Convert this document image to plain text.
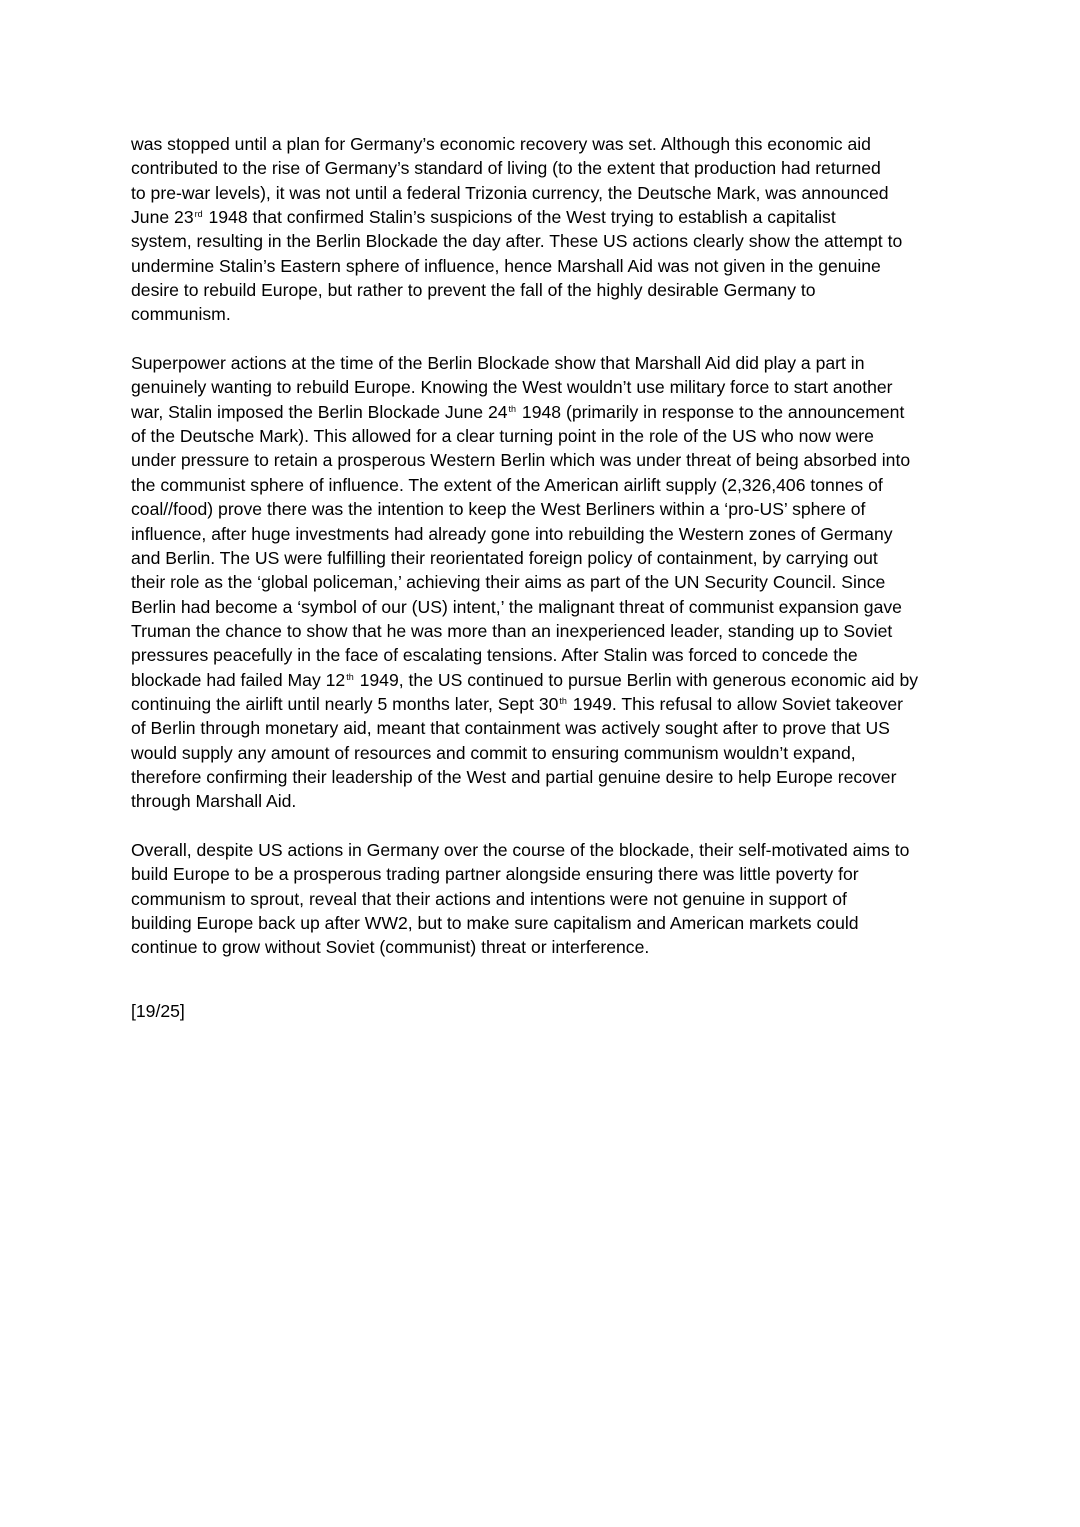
was stopped until a plan for Germany’s economic recovery was set. Although this economic aid
contributed to the rise of Germany’s standard of living (to the extent that production had returned
to pre-war levels), it was not until a federal Trizonia currency, the Deutsche Mark, was announced
June 23rd 1948 that confirmed Stalin’s suspicions of the West trying to establish a capitalist
system, resulting in the Berlin Blockade the day after. These US actions clearly show the attempt to
undermine Stalin’s Eastern sphere of influence, hence Marshall Aid was not given in the genuine
desire to rebuild Europe, but rather to prevent the fall of the highly desirable Germany to
communism.
Superpower actions at the time of the Berlin Blockade show that Marshall Aid did play a part in
genuinely wanting to rebuild Europe. Knowing the West wouldn’t use military force to start another
war, Stalin imposed the Berlin Blockade June 24th 1948 (primarily in response to the announcement
of the Deutsche Mark). This allowed for a clear turning point in the role of the US who now were
under pressure to retain a prosperous Western Berlin which was under threat of being absorbed into
the communist sphere of influence. The extent of the American airlift supply (2,326,406 tonnes of
coal//food) prove there was the intention to keep the West Berliners within a ‘pro-US’ sphere of
influence, after huge investments had already gone into rebuilding the Western zones of Germany
and Berlin. The US were fulfilling their reorientated foreign policy of containment, by carrying out
their role as the ‘global policeman,’ achieving their aims as part of the UN Security Council. Since
Berlin had become a ‘symbol of our (US) intent,’ the malignant threat of communist expansion gave
Truman the chance to show that he was more than an inexperienced leader, standing up to Soviet
pressures peacefully in the face of escalating tensions. After Stalin was forced to concede the
blockade had failed May 12th 1949, the US continued to pursue Berlin with generous economic aid by
continuing the airlift until nearly 5 months later, Sept 30th 1949. This refusal to allow Soviet takeover
of Berlin through monetary aid, meant that containment was actively sought after to prove that US
would supply any amount of resources and commit to ensuring communism wouldn’t expand,
therefore confirming their leadership of the West and partial genuine desire to help Europe recover
through Marshall Aid.
Overall, despite US actions in Germany over the course of the blockade, their self-motivated aims to
build Europe to be a prosperous trading partner alongside ensuring there was little poverty for
communism to sprout, reveal that their actions and intentions were not genuine in support of
building Europe back up after WW2, but to make sure capitalism and American markets could
continue to grow without Soviet (communist) threat or interference.
[19/25]
